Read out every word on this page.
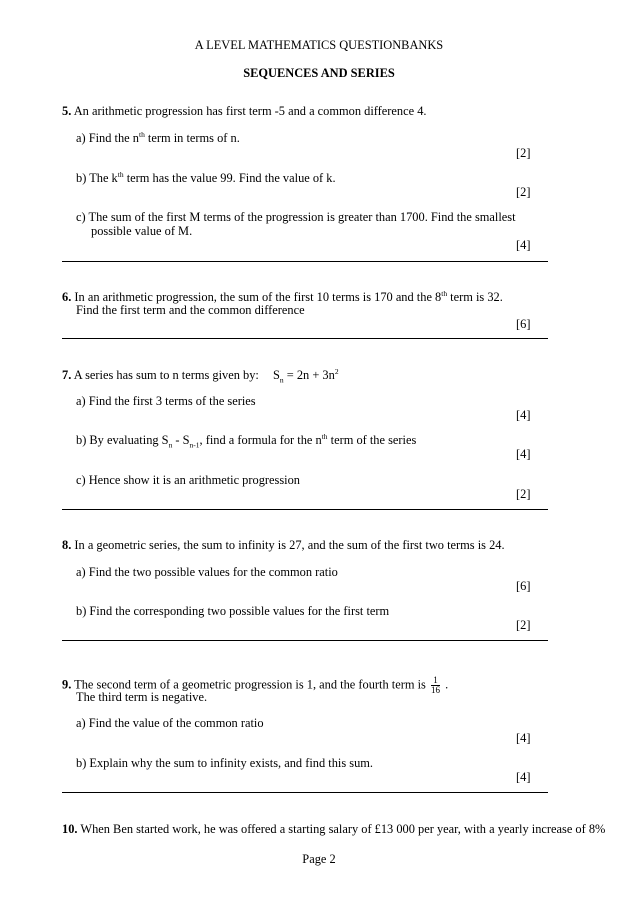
A LEVEL MATHEMATICS QUESTIONBANKS
SEQUENCES AND SERIES
5. An arithmetic progression has first term -5 and a common difference 4.
a) Find the $n^{th}$ term in terms of n.
[2]
b) The $k^{th}$ term has the value 99. Find the value of k.
[2]
c) The sum of the first M terms of the progression is greater than 1700. Find the smallest
possible value of M.
[4]
6. In an arithmetic progression, the sum of the first 10 terms is 170 and the 8th term is 32.
Find the first term and the common difference
[6]
7. A series has sum to n terms given by: $S_n = 2n + 3n^2$
a) Find the first 3 terms of the series
[4]
b) By evaluating $S_n - S_{n-1}$, find a formula for the $n^{th}$ term of the series
[4]
c) Hence show it is an arithmetic progression
[2]
8. In a geometric series, the sum to infinity is 27, and the sum of the first two terms is 24.
a) Find the two possible values for the common ratio
[6]
b) Find the corresponding two possible values for the first term
[2]
9. The second term of a geometric progression is 1, and the fourth term is $\frac{1}{16}$ .
The third term is negative.
a) Find the value of the common ratio
[4]
b) Explain why the sum to infinity exists, and find this sum.
[4]
10. When Ben started work, he was offered a starting salary of £13 000 per year, with a yearly increase of 8%
Page 2
